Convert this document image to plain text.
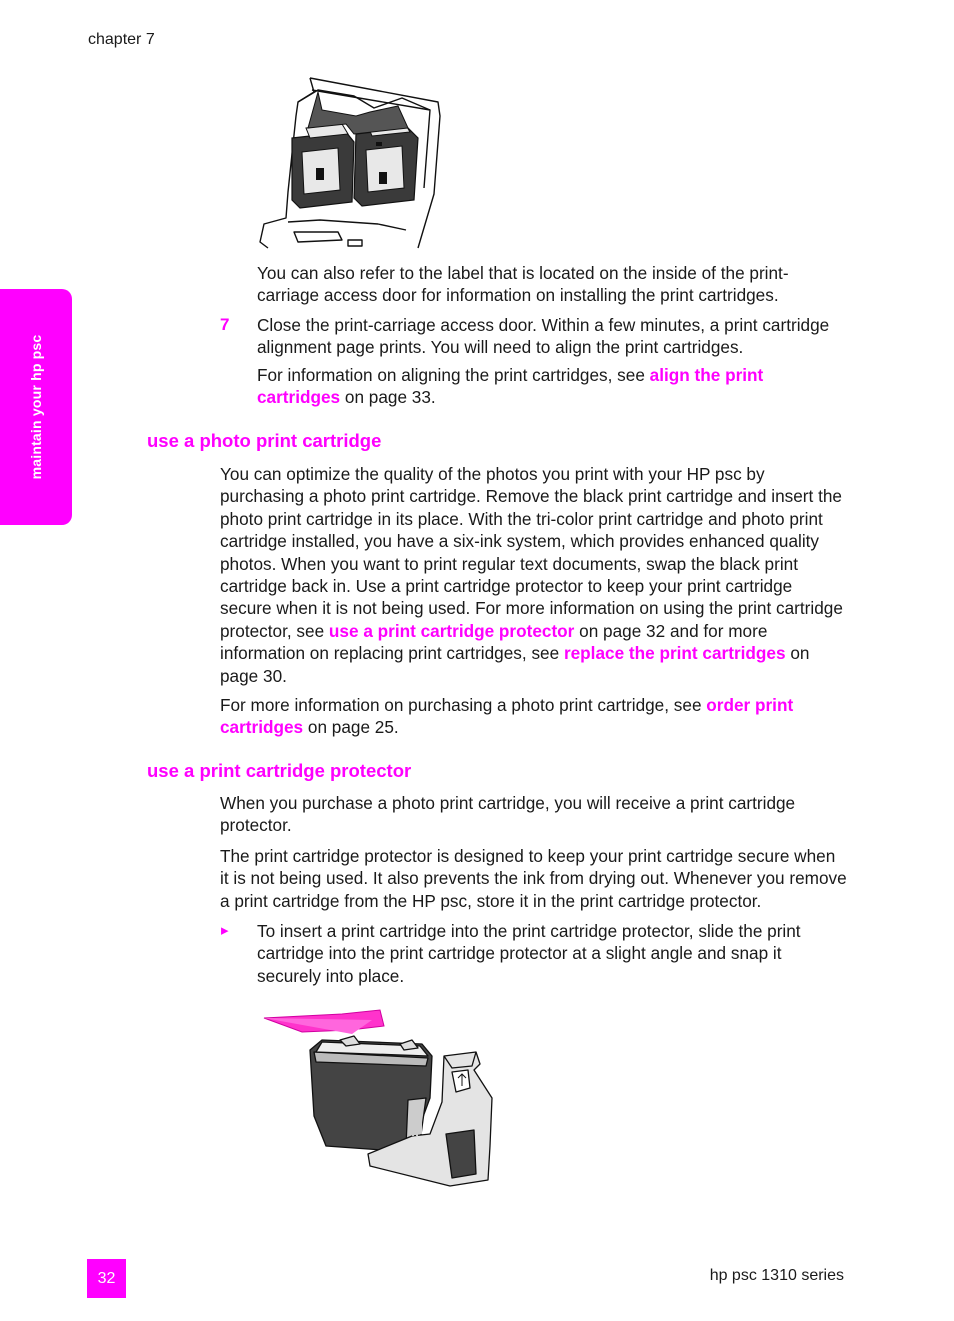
chapter 7
maintain your hp psc

You can also refer to the label that is located on the inside of the print-carriage access door for information on installing the print cartridges.

7 Close the print-carriage access door. Within a few minutes, a print cartridge alignment page prints. You will need to align the print cartridges.

For information on aligning the print cartridges, see align the print cartridges on page 33.

use a photo print cartridge

You can optimize the quality of the photos you print with your HP psc by purchasing a photo print cartridge. Remove the black print cartridge and insert the photo print cartridge in its place. With the tri-color print cartridge and photo print cartridge installed, you have a six-ink system, which provides enhanced quality photos. When you want to print regular text documents, swap the black print cartridge back in. Use a print cartridge protector to keep your print cartridge secure when it is not being used. For more information on using the print cartridge protector, see use a print cartridge protector on page 32 and for more information on replacing print cartridges, see replace the print cartridges on page 30.

For more information on purchasing a photo print cartridge, see order print cartridges on page 25.

use a print cartridge protector

When you purchase a photo print cartridge, you will receive a print cartridge protector.

The print cartridge protector is designed to keep your print cartridge secure when it is not being used. It also prevents the ink from drying out. Whenever you remove a print cartridge from the HP psc, store it in the print cartridge protector.

▸ To insert a print cartridge into the print cartridge protector, slide the print cartridge into the print cartridge protector at a slight angle and snap it securely into place.

32	hp psc 1310 series
